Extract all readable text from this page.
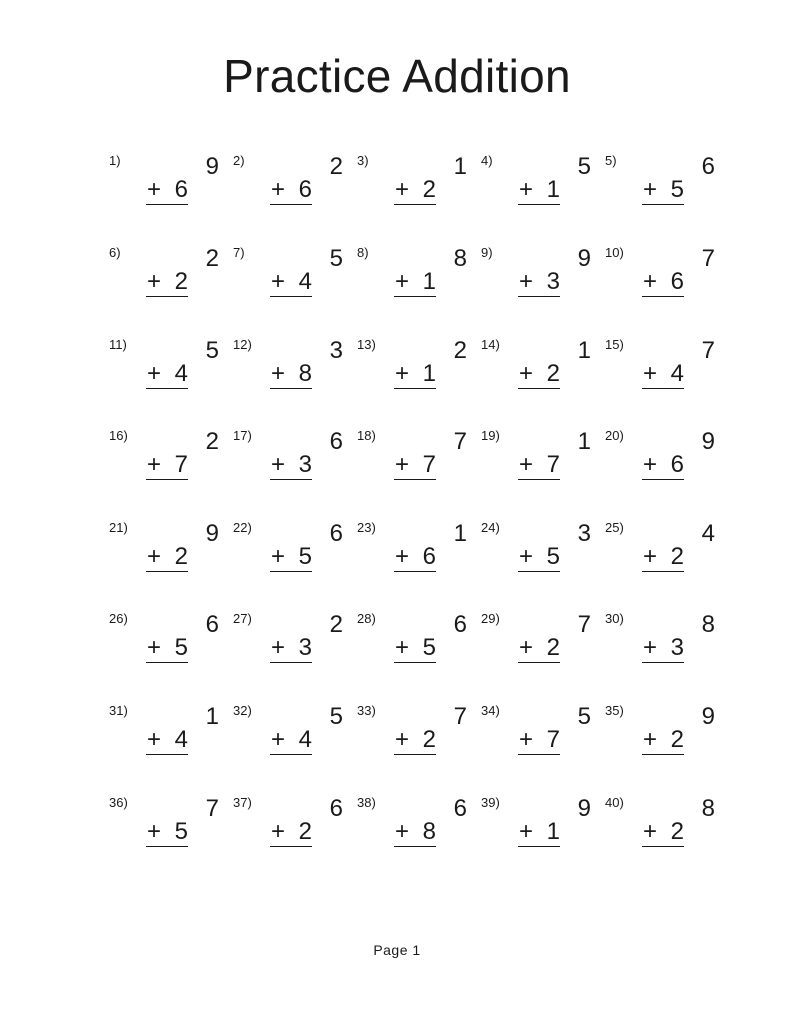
Practice Addition
1)	9
+ 6
2)	2
+ 6
3)	1
+ 2
4)	5
+ 1
5)	6
+ 5
6)	2
+ 2
7)	5
+ 4
8)	8
+ 1
9)	9
+ 3
10)	7
+ 6
11)	5
+ 4
12)	3
+ 8
13)	2
+ 1
14)	1
+ 2
15)	7
+ 4
16)	2
+ 7
17)	6
+ 3
18)	7
+ 7
19)	1
+ 7
20)	9
+ 6
21)	9
+ 2
22)	6
+ 5
23)	1
+ 6
24)	3
+ 5
25)	4
+ 2
26)	6
+ 5
27)	2
+ 3
28)	6
+ 5
29)	7
+ 2
30)	8
+ 3
31)	1
+ 4
32)	5
+ 4
33)	7
+ 2
34)	5
+ 7
35)	9
+ 2
36)	7
+ 5
37)	6
+ 2
38)	6
+ 8
39)	9
+ 1
40)	8
+ 2
Page 1
